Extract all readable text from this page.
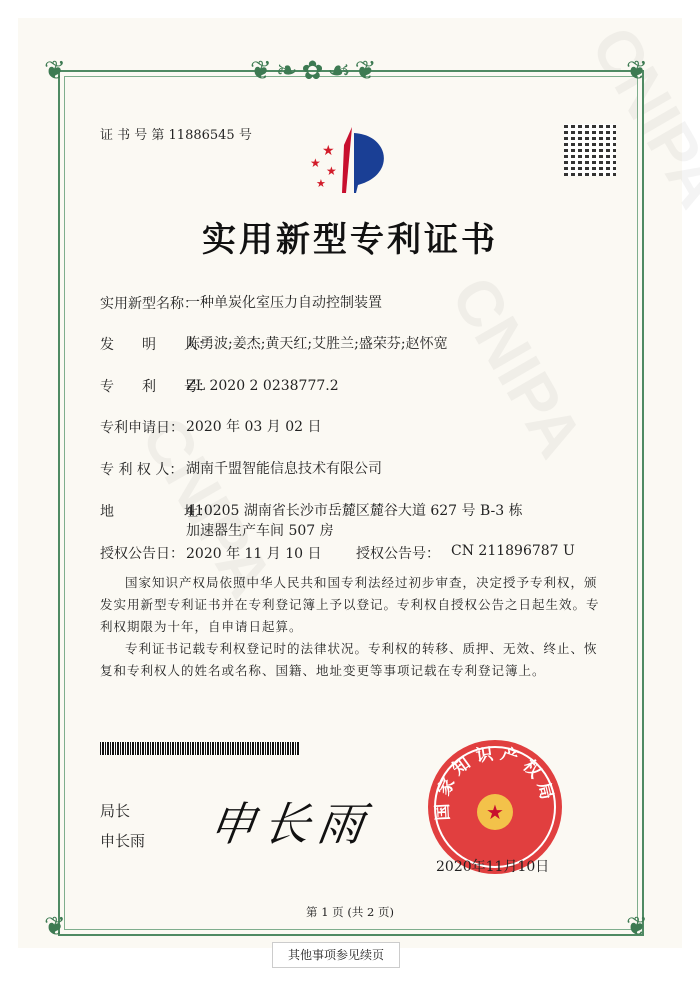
❦❧✿☙❦
❦	❦
❦	❦
证 书 号 第 11886545 号
★
★
★
★
实用新型专利证书
实用新型名称：
一种单炭化室压力自动控制装置
发　　明　　人：
陈勇波;姜杰;黄天红;艾胜兰;盛荣芬;赵怀宽
专　　利　　号：
ZL 2020 2 0238777.2
专利申请日： 2020 年 03 月 02 日
专 利 权 人： 湖南千盟智能信息技术有限公司
地　　　　　址：
410205 湖南省长沙市岳麓区麓谷大道 627 号 B-3 栋加速器生产车间 507 房
授权公告日： 2020 年 11 月 10 日	授权公告号： CN 211896787 U
国家知识产权局依照中华人民共和国专利法经过初步审查，决定授予专利权，颁发实用新型专利证书并在专利登记簿上予以登记。专利权自授权公告之日起生效。专利权期限为十年，自申请日起算。
专利证书记载专利权登记时的法律状况。专利权的转移、质押、无效、终止、恢复和专利权人的姓名或名称、国籍、地址变更等事项记载在专利登记簿上。
局长
申长雨 申长雨	国家知识产权局
★
2020年11月10日
第 1 页 (共 2 页)
其他事项参见续页
